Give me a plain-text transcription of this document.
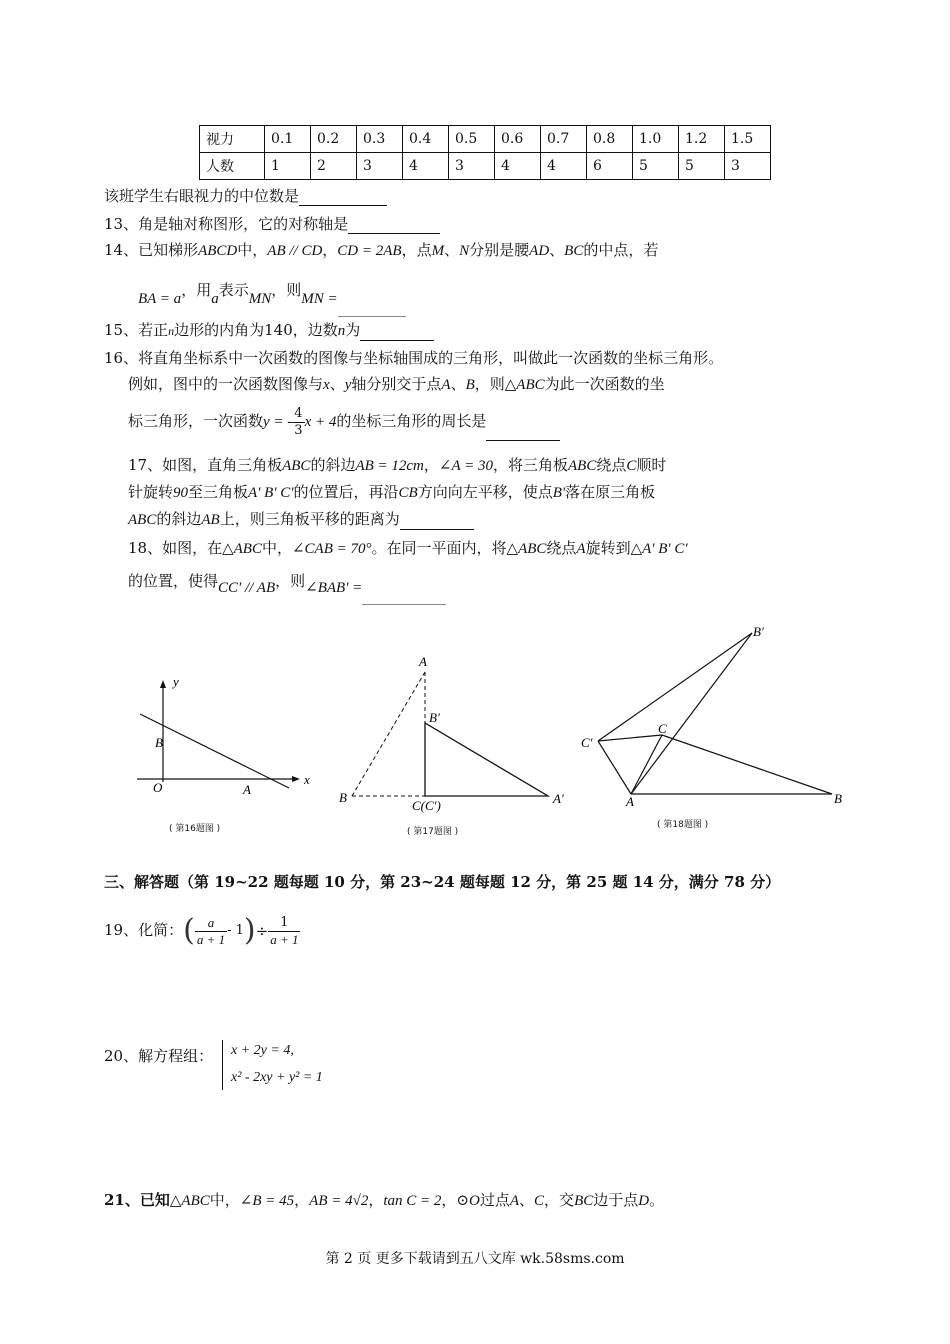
视力	0.1	0.2	0.3	0.4	0.5	0.6	0.7	0.8	1.0	1.2	1.5
人数	1	2	3	4	3	4	4	6	5	5	3
该班学生右眼视力的中位数是
13、角是轴对称图形，它的对称轴是
14、已知梯形ABCD中，AB // CD，CD = 2AB，点M、N分别是腰AD、BC的中点，若
BA = a，用a表示MN，则MN =
15、若正n边形的内角为140，边数n为
16、将直角坐标系中一次函数的图像与坐标轴围成的三角形，叫做此一次函数的坐标三角形。
例如，图中的一次函数图像与x、y轴分别交于点A、B，则△ABC为此一次函数的坐
标三角形，一次函数y = - $\frac{4}{3}$ x + 4的坐标三角形的周长是
17、如图，直角三角板ABC的斜边AB = 12cm，∠A = 30，将三角板ABC绕点C顺时
针旋转90至三角板A' B' C'的位置后，再沿CB方向向左平移，使点B'落在原三角板
ABC的斜边AB上，则三角板平移的距离为
18、如图，在△ABC中，∠CAB = 70°。在同一平面内，将△ABC绕点A旋转到△A' B' C'
的位置，使得CC' // AB，则∠BAB' =
y
x
B
O	A
A
B′
B
C(C′)	A′
B′
C′
C
A	B
( 第16题图 )	( 第17题图 )
( 第18题图 )
三、解答题（第 19~22 题每题 10 分，第 23~24 题每题 12 分，第 25 题 14 分，满分 78 分）
19、化简：( $\frac{a}{a + 1} - 1)\div \frac{1}{a + 1}$
20、解方程组： x + 2y = 4,
x² - 2xy + y² = 1
21、已知△ABC中，∠B = 45，AB = 4√2，tan C = 2，⊙O过点A、C，交BC边于点D。
第 2 页 更多下载请到五八文库 wk.58sms.com
